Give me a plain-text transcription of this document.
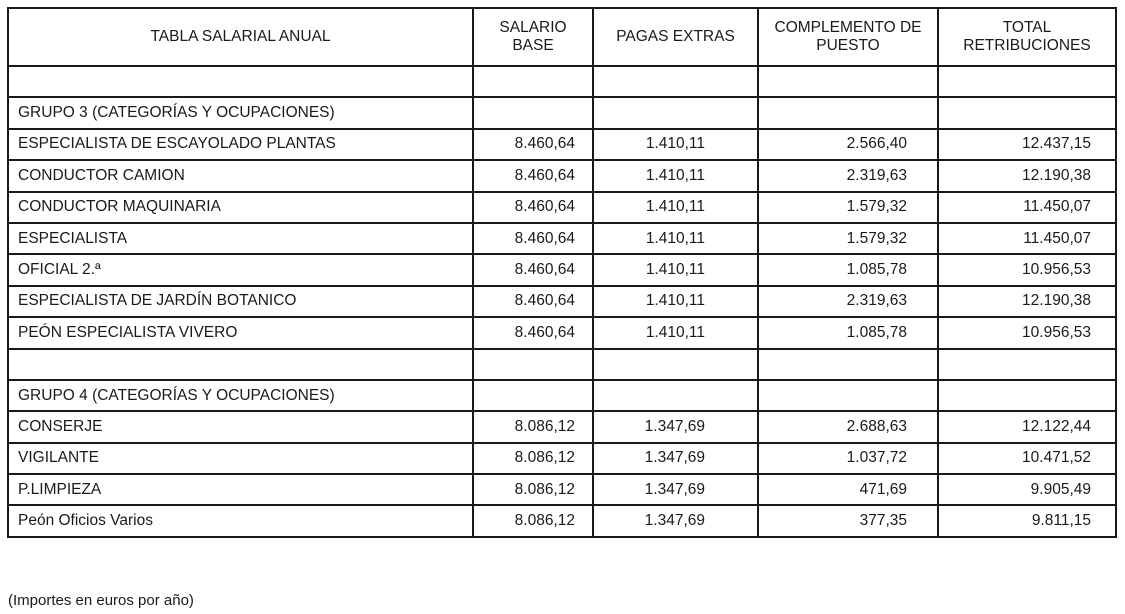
TABLA SALARIAL ANUAL	SALARIO BASE	PAGAS EXTRAS	COMPLEMENTO DE PUESTO	TOTAL RETRIBUCIONES

GRUPO 3 (CATEGORÍAS Y OCUPACIONES)				
ESPECIALISTA DE ESCAYOLADO PLANTAS	8.460,64	1.410,11	2.566,40	12.437,15
CONDUCTOR CAMION	8.460,64	1.410,11	2.319,63	12.190,38
CONDUCTOR MAQUINARIA	8.460,64	1.410,11	1.579,32	11.450,07
ESPECIALISTA	8.460,64	1.410,11	1.579,32	11.450,07
OFICIAL 2.ª	8.460,64	1.410,11	1.085,78	10.956,53
ESPECIALISTA DE JARDÍN BOTANICO	8.460,64	1.410,11	2.319,63	12.190,38
PEÓN ESPECIALISTA VIVERO	8.460,64	1.410,11	1.085,78	10.956,53

GRUPO 4 (CATEGORÍAS Y OCUPACIONES)				
CONSERJE	8.086,12	1.347,69	2.688,63	12.122,44
VIGILANTE	8.086,12	1.347,69	1.037,72	10.471,52
P.LIMPIEZA	8.086,12	1.347,69	471,69	9.905,49
Peón Oficios Varios	8.086,12	1.347,69	377,35	9.811,15
(Importes en euros por año)
